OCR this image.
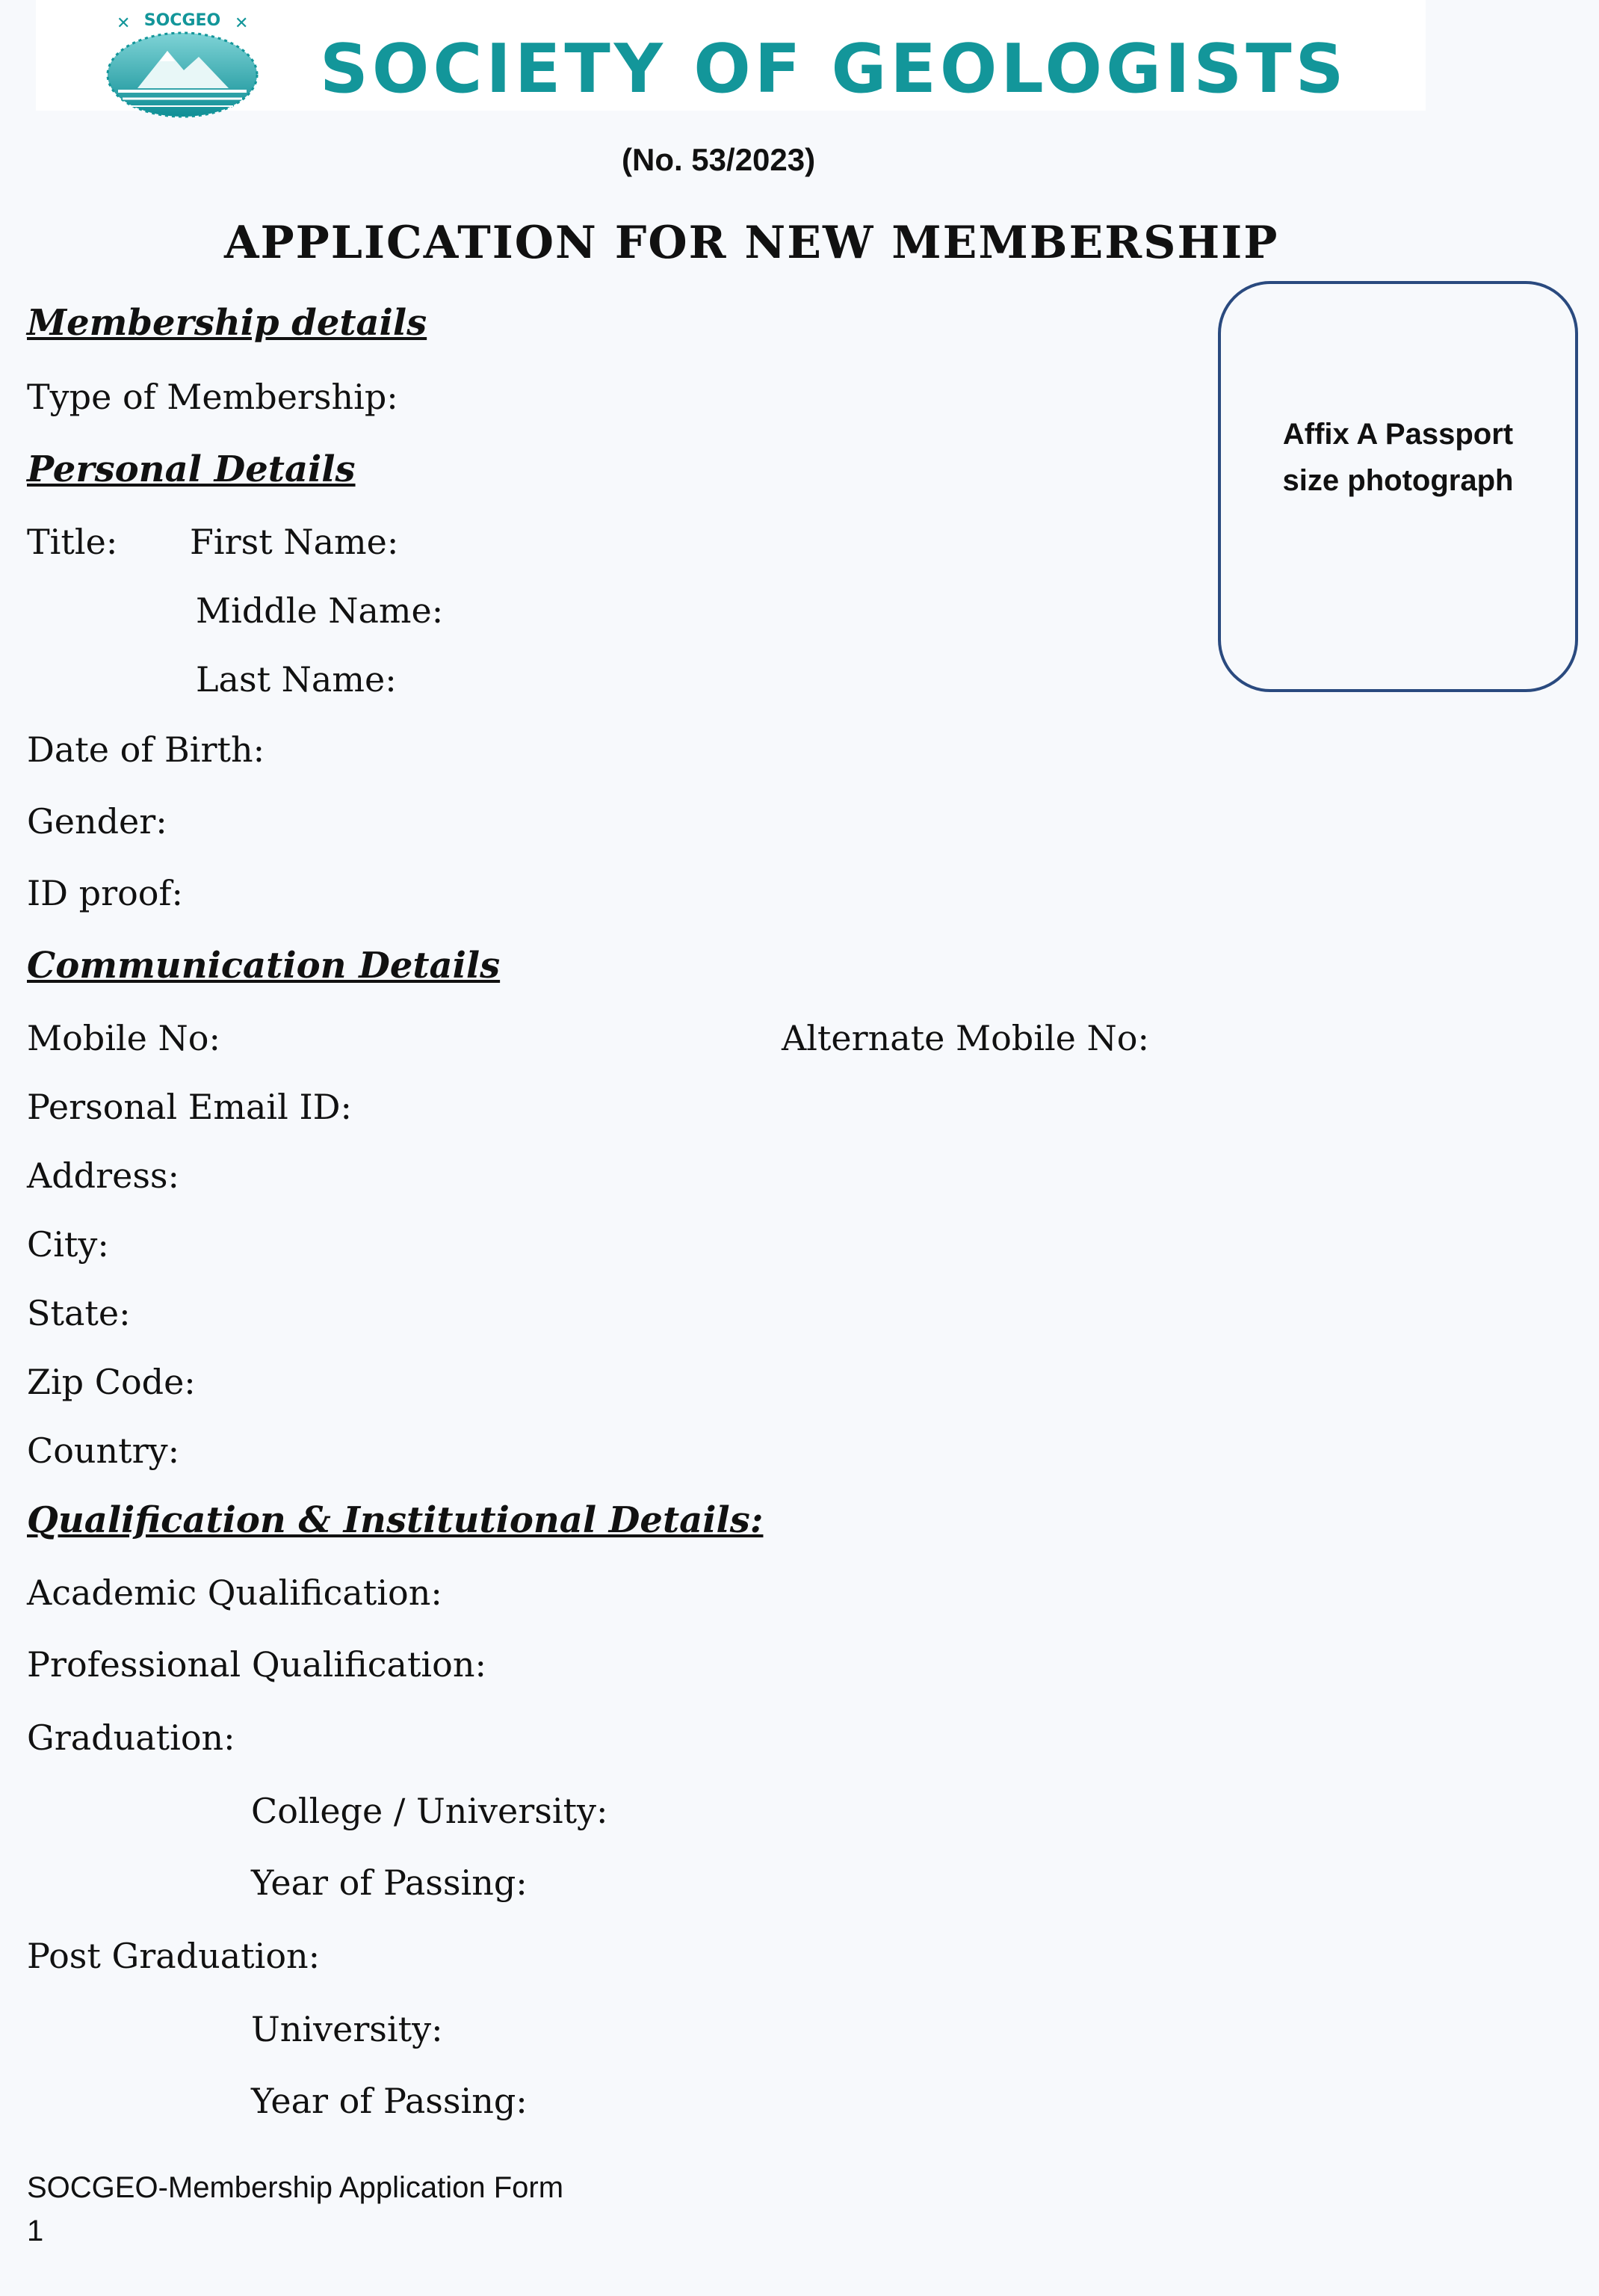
SOCGEO
✕	✕
SOCIETY OF GEOLOGISTS
(No. 53/2023)
APPLICATION FOR NEW MEMBERSHIP
Affix A Passport
size photograph
Membership details
Type of Membership:
Personal Details
Title: First Name:
Middle Name:
Last Name:
Date of Birth:
Gender:
ID proof:
Communication Details
Mobile No:	Alternate Mobile No:
Personal Email ID:
Address:
City:
State:
Zip Code:
Country:
Qualification & Institutional Details:
Academic Qualification:
Professional Qualification:
Graduation:
College / University:
Year of Passing:
Post Graduation:
University:
Year of Passing:
SOCGEO-Membership Application Form
1
